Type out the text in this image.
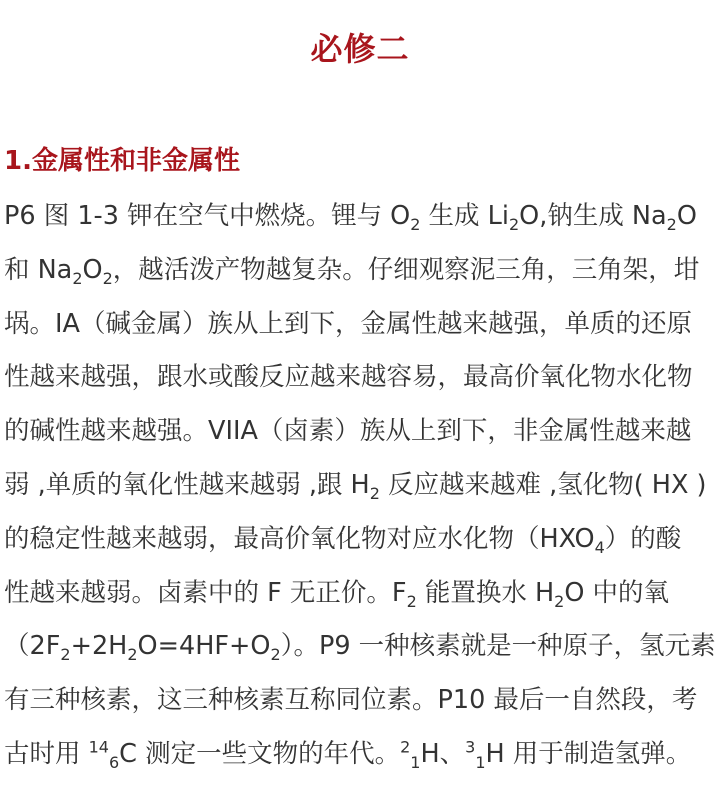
必修二
1.金属性和非金属性
P6 图 1-3 钾在空气中燃烧。锂与 $O_2$ 生成 $Li_2O$,钠生成 $Na_2O$
和 $Na_2O_2$，越活泼产物越复杂。仔细观察泥三角，三角架，坩
埚。IA（碱金属）族从上到下，金属性越来越强，单质的还原
性越来越强，跟水或酸反应越来越容易，最高价氧化物水化物
的碱性越来越强。VIIA（卤素）族从上到下，非金属性越来越
弱 ,单质的氧化性越来越弱 ,跟 $H_2$ 反应越来越难 ,氢化物( HX )
的稳定性越来越弱，最高价氧化物对应水化物$(HXO_4)$的酸
性越来越弱。卤素中的 F 无正价。$F_2$ 能置换水 $H_2O$ 中的氧
$(2F_2+2H_2O=4HF+O_2)$。P9 一种核素就是一种原子，氢元素
有三种核素，这三种核素互称同位素。P10 最后一自然段，考
古时用 $^{14}_6$C 测定一些文物的年代。$^2_1$H、$^3_1$H 用于制造氢弹。
